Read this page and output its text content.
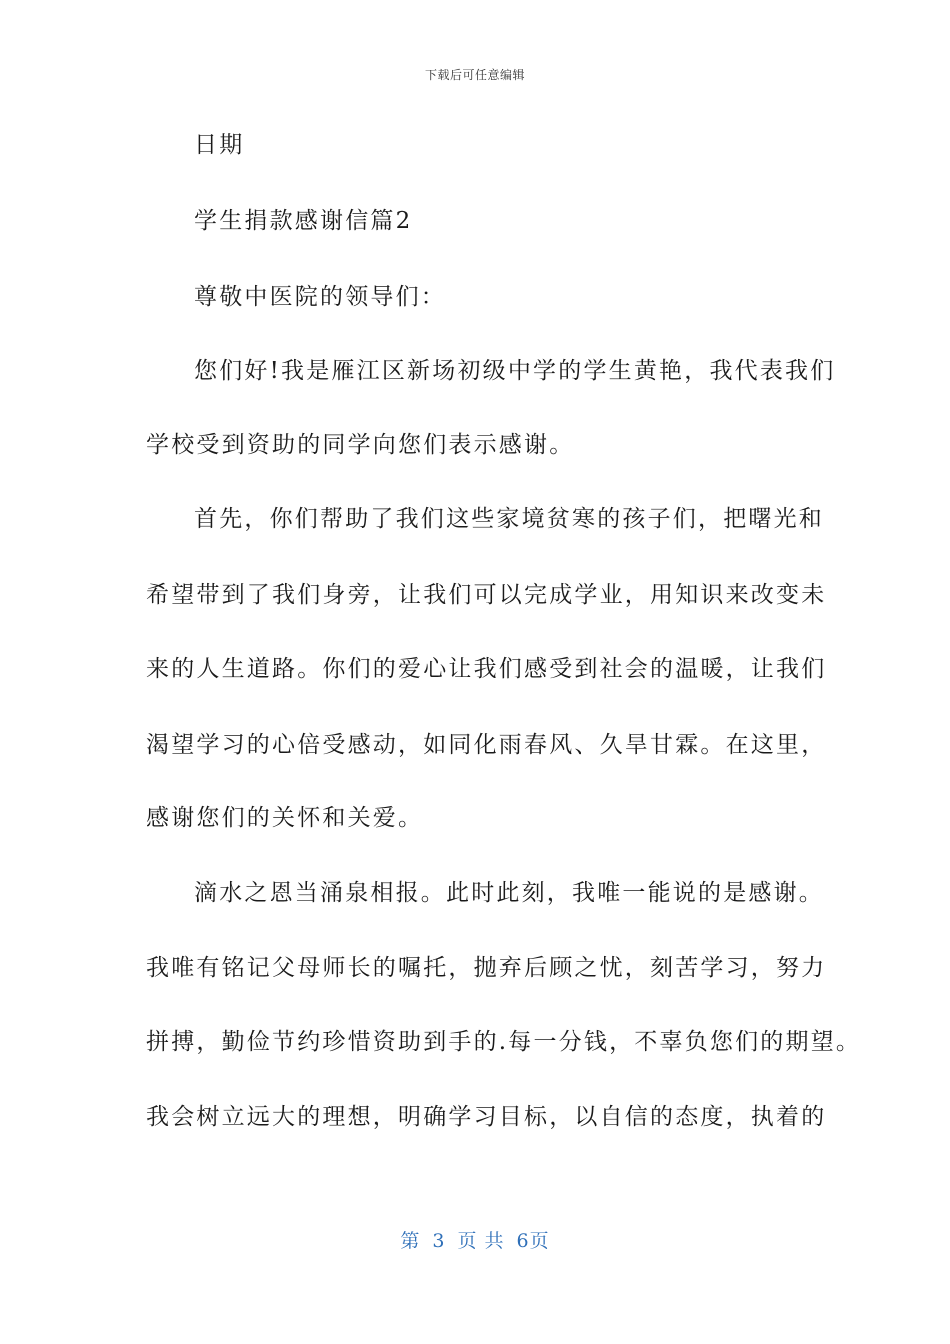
下载后可任意编辑
日期
学生捐款感谢信篇2
尊敬中医院的领导们：
您们好!我是雁江区新场初级中学的学生黄艳，我代表我们
学校受到资助的同学向您们表示感谢。
首先，你们帮助了我们这些家境贫寒的孩子们，把曙光和
希望带到了我们身旁，让我们可以完成学业，用知识来改变未
来的人生道路。你们的爱心让我们感受到社会的温暖，让我们
渴望学习的心倍受感动，如同化雨春风、久旱甘霖。在这里，
感谢您们的关怀和关爱。
滴水之恩当涌泉相报。此时此刻，我唯一能说的是感谢。
我唯有铭记父母师长的嘱托，抛弃后顾之忧，刻苦学习，努力
拼搏，勤俭节约珍惜资助到手的.每一分钱，不辜负您们的期望。
我会树立远大的理想，明确学习目标，以自信的态度，执着的
第 3 页 共 6页
